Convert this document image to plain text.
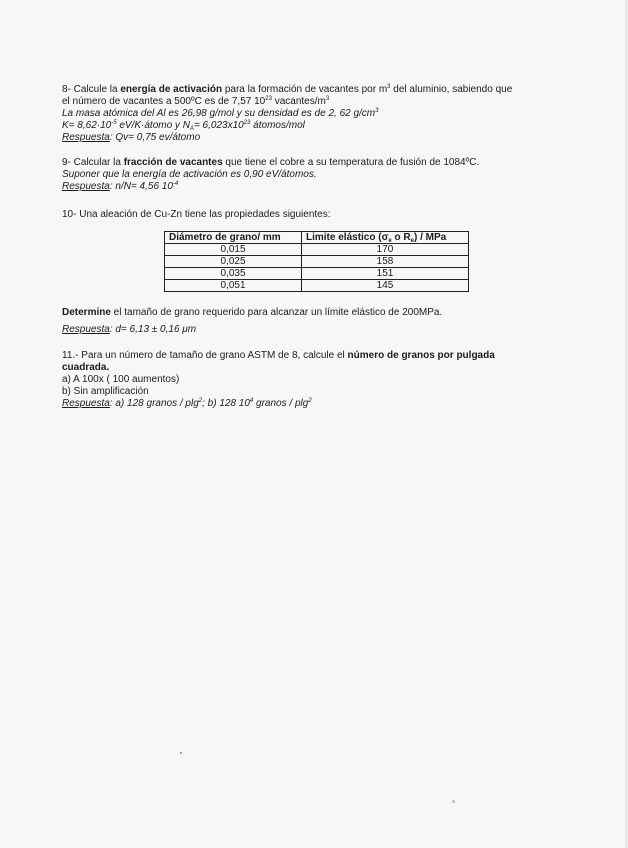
8- Calcule la energía de activación para la formación de vacantes por $m^3$ del aluminio, sabiendo que
el número de vacantes a 500ºC es de 7,57 $10^{23}$ vacantes/$m^3$
La masa atómica del Al es 26,98 g/mol y su densidad es de 2, 62 $g/cm^3$
$K= 8,62\cdot 10^{-5}$ eV/K·átomo y $N_A= 6,023x10^{23}$ átomos/mol
Respuesta: Qv= 0,75 ev/átomo
9- Calcular la fracción de vacantes que tiene el cobre a su temperatura de fusión de 1084ºC.
Suponer que la energía de activación es 0,90 eV/átomos.
Respuesta: n/N= 4,56 $10^{-4}$
10- Una aleación de Cu-Zn tiene las propiedades siguientes:
Diámetro de grano/ mm	Limite elástico ($\sigma_e$ o $R_e$) / MPa
0,015	170
0,025	158
0,035	151
0,051	145
Determine el tamaño de grano requerido para alcanzar un límite elástico de 200MPa.
Respuesta: d= 6,13 ± 0,16 μm
11.- Para un número de tamaño de grano ASTM de 8, calcule el número de granos por pulgada
cuadrada.
a) A 100x ( 100 aumentos)
b) Sin amplificación
Respuesta: a) 128 granos / plg$^2$; b) 128 $10^4$ granos / plg$^2$
